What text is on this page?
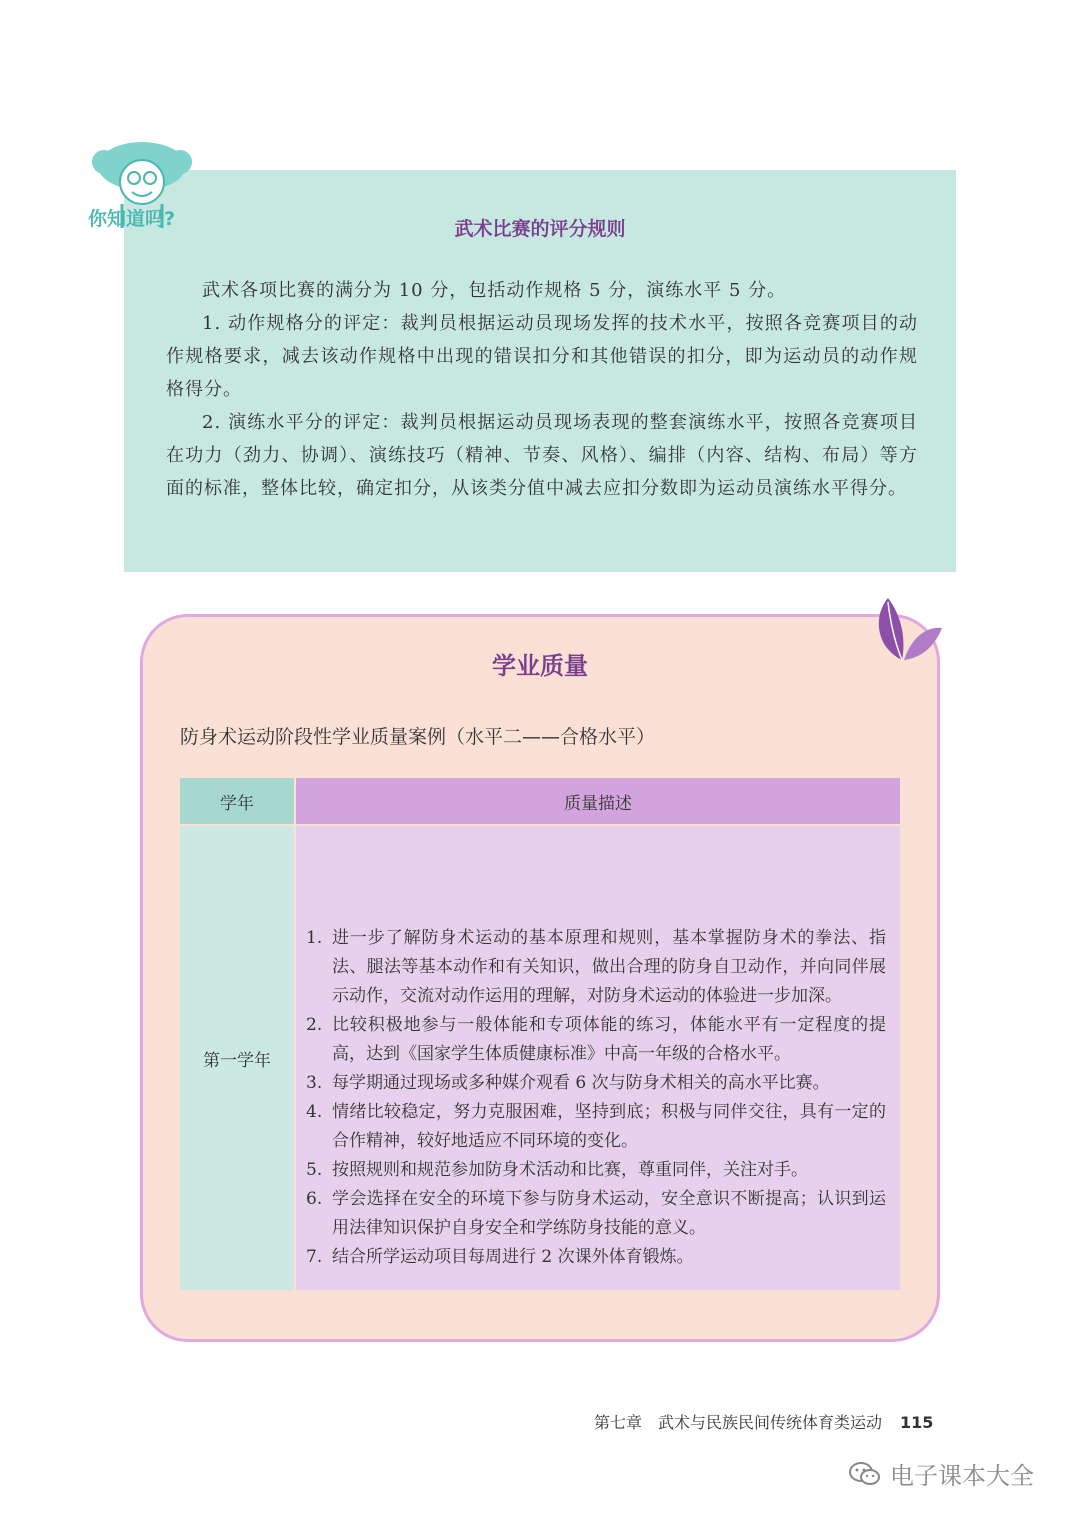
你知道吗?	武术比赛的评分规则

武术各项比赛的满分为 10 分，包括动作规格 5 分，演练水平 5 分。

1. 动作规格分的评定：裁判员根据运动员现场发挥的技术水平，按照各竞赛项目的动作规格要求，减去该动作规格中出现的错误扣分和其他错误的扣分，即为运动员的动作规格得分。

2. 演练水平分的评定：裁判员根据运动员现场表现的整套演练水平，按照各竞赛项目在功力（劲力、协调）、演练技巧（精神、节奏、风格）、编排（内容、结构、布局）等方面的标准，整体比较，确定扣分，从该类分值中减去应扣分数即为运动员演练水平得分。

学业质量
防身术运动阶段性学业质量案例（水平二——合格水平）
学年	质量描述
第一学年
1. 进一步了解防身术运动的基本原理和规则，基本掌握防身术的拳法、指法、腿法等基本动作和有关知识，做出合理的防身自卫动作，并向同伴展示动作，交流对动作运用的理解，对防身术运动的体验进一步加深。
2. 比较积极地参与一般体能和专项体能的练习，体能水平有一定程度的提高，达到《国家学生体质健康标准》中高一年级的合格水平。
3. 每学期通过现场或多种媒介观看 6 次与防身术相关的高水平比赛。
4. 情绪比较稳定，努力克服困难，坚持到底；积极与同伴交往，具有一定的合作精神，较好地适应不同环境的变化。
5. 按照规则和规范参加防身术活动和比赛，尊重同伴，关注对手。
6. 学会选择在安全的环境下参与防身术运动，安全意识不断提高；认识到运用法律知识保护自身安全和学练防身技能的意义。
7. 结合所学运动项目每周进行 2 次课外体育锻炼。
第七章　武术与民族民间传统体育类运动 115
电子课本大全
